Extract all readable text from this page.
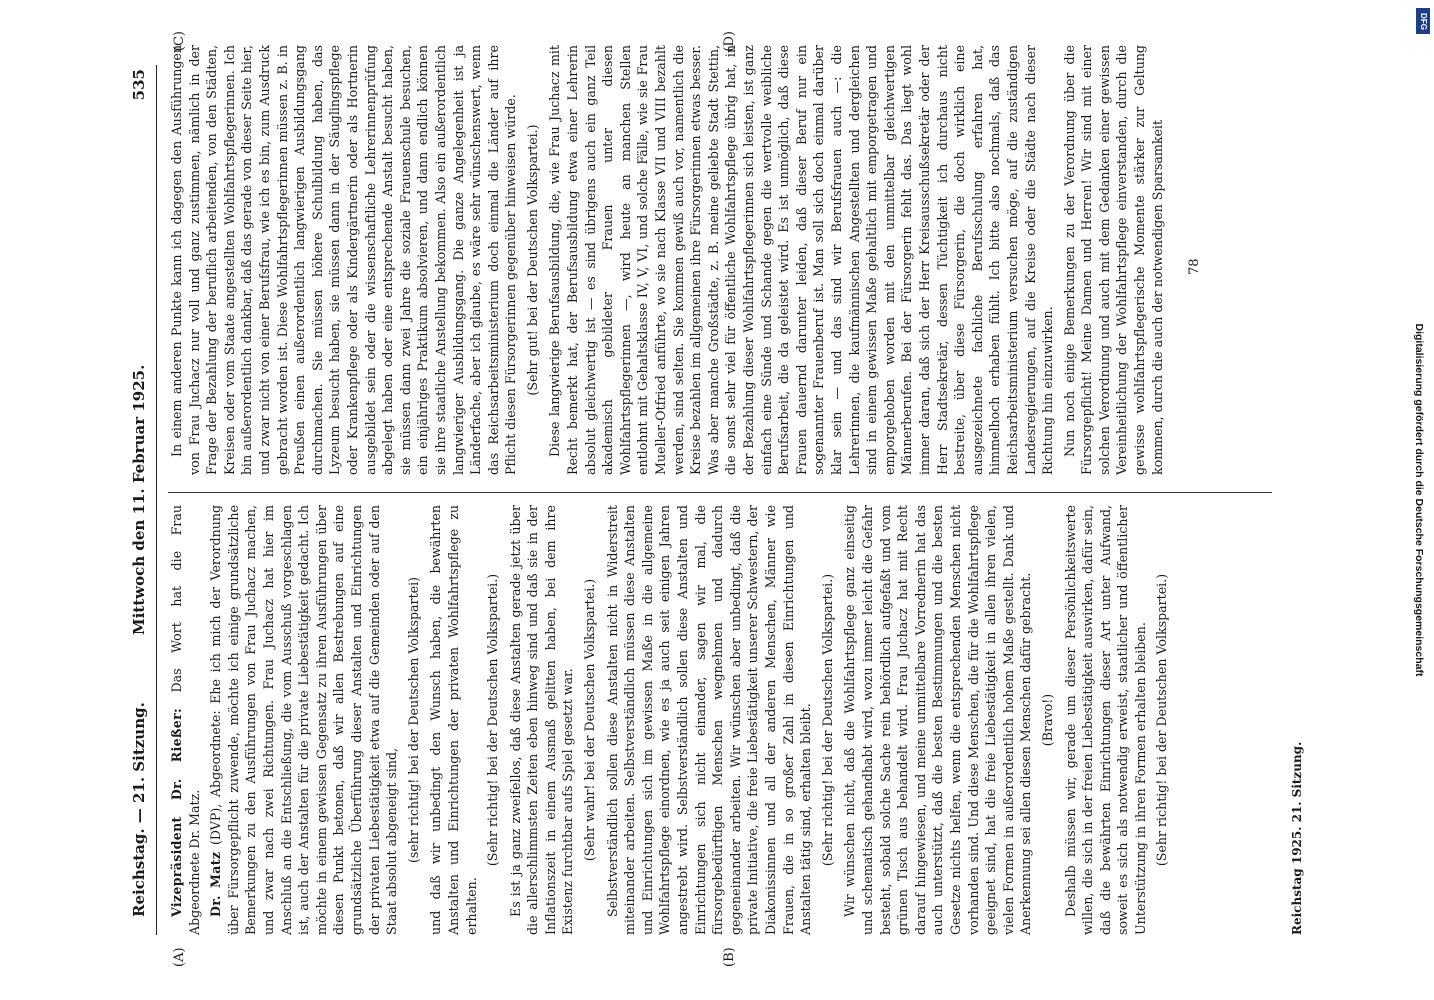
Reichstag. — 21. Sitzung.
Mittwoch den 11. Februar 1925.
535
(A)	(B)
(C)	(D)

Vizepräsident Dr. Rießer: Das Wort hat die Frau Abgeordnete Dr. Matz. Dr. Matz (DVP), Abgeordnete: Ehe ich mich der Verordnung über Fürsorgepflicht zuwende, möchte ich einige grundsätzliche Bemerkungen zu den Ausführungen von Frau Juchacz machen, und zwar nach zwei Richtungen. Frau Juchacz hat hier im Anschluß an die Entschließung, die vom Ausschuß vorgeschlagen ist, auch der Anstalten für die private Liebestätigkeit gedacht. Ich möchte in einem gewissen Gegensatz zu ihren Ausführungen über diesen Punkt betonen, daß wir allen Bestrebungen auf eine grundsätzliche Überführung dieser Anstalten und Einrichtungen der privaten Liebestätigkeit etwa auf die Gemeinden oder auf den Staat absolut abgeneigt sind, (sehr richtig! bei der Deutschen Volkspartei) und daß wir unbedingt den Wunsch haben, die bewährten Anstalten und Einrichtungen der privaten Wohlfahrtspflege zu erhalten.

(Sehr richtig! bei der Deutschen Volkspartei.) Es ist ja ganz zweifellos, daß diese Anstalten gerade jetzt über die allerschlimmsten Zeiten eben hinweg sind und daß sie in der Inflationszeit in einem Ausmaß gelitten haben, bei dem ihre Existenz furchtbar aufs Spiel gesetzt war. (Sehr wahr! bei der Deutschen Volkspartei.) Selbstverständlich sollen diese Anstalten nicht in Widerstreit miteinander arbeiten. Selbstverständlich müssen diese Anstalten und Einrichtungen sich im gewissen Maße in die allgemeine Wohlfahrtspflege einordnen, wie es ja auch seit einigen Jahren angestrebt wird. Selbstverständlich sollen diese Anstalten und Einrichtungen sich nicht einander, sagen wir mal, die fürsorgebedürftigen Menschen wegnehmen und dadurch gegeneinander arbeiten. Wir wünschen aber unbedingt, daß die private Initiative, die freie Liebestätigkeit unserer Schwestern, der Diakonissinnen und all der anderen Menschen, Männer wie Frauen, die in so großer Zahl in diesen Einrichtungen und Anstalten tätig sind, erhalten bleibt. (Sehr richtig! bei der Deutschen Volkspartei.) Wir wünschen nicht, daß die Wohlfahrtspflege ganz einseitig und schematisch gehandhabt wird, wozu immer leicht die Gefahr besteht, sobald solche Sache rein behördlich aufgefaßt und vom grünen Tisch aus behandelt wird. Frau Juchacz hat mit Recht darauf hingewiesen, und meine unmittelbare Vorrednerin hat das auch unterstützt, daß die besten Bestimmungen und die besten Gesetze nichts helfen, wenn die entsprechenden Menschen nicht vorhanden sind. Und diese Menschen, die für die Wohlfahrtspflege geeignet sind, hat die freie Liebestätigkeit in allen ihren vielen, vielen Formen in außerordentlich hohem Maße gestellt. Dank und Anerkennung sei allen diesen Menschen dafür gebracht. (Bravo!) Deshalb müssen wir, gerade um dieser Persönlichkeitswerte willen, die sich in der freien Liebestätigkeit auswirken, dafür sein, daß die bewährten Einrichtungen dieser Art unter Aufwand, soweit es sich als notwendig erweist, staatlicher und öffentlicher Unterstützung in ihren Formen erhalten bleiben. (Sehr richtig! bei der Deutschen Volkspartei.)

In einem anderen Punkte kann ich dagegen den Ausführungen von Frau Juchacz nur voll und ganz zustimmen, nämlich in der Frage der Bezahlung der beruflich arbeitenden, von den Städten, Kreisen oder vom Staate angestellten Wohlfahrtspflegerinnen. Ich bin außerordentlich dankbar, daß das gerade von dieser Seite hier, und zwar nicht von einer Berufsfrau, wie ich es bin, zum Ausdruck gebracht worden ist. Diese Wohlfahrtspflegerinnen müssen z. B. in Preußen einen außerordentlich langwierigen Ausbildungsgang durchmachen. Sie müssen höhere Schulbildung haben, das Lyzeum besucht haben, sie müssen dann in der Säuglingspflege oder Krankenpflege oder als Kindergärtnerin oder als Hortnerin ausgebildet sein oder die wissenschaftliche Lehrerinnenprüfung abgelegt haben oder eine entsprechende Anstalt besucht haben, sie müssen dann zwei Jahre die soziale Frauenschule besuchen, ein einjähriges Praktikum absolvieren, und dann endlich können sie ihre staatliche Anstellung bekommen. Also ein außerordentlich langwieriger Ausbildungsgang. Die ganze Angelegenheit ist ja Länderfache, aber ich glaube, es wäre sehr wünschenswert, wenn das Reichsarbeitsministerium doch einmal die Länder auf ihre Pflicht diesen Fürsorgerinnen gegenüber hinweisen würde. (Sehr gut! bei der Deutschen Volkspartei.) Diese langwierige Berufsausbildung, die, wie Frau Juchacz mit Recht bemerkt hat, der Berufsausbildung etwa einer Lehrerin absolut gleichwertig ist — es sind übrigens auch ein ganz Teil akademisch gebildeter Frauen unter diesen Wohlfahrtspflegerinnen —, wird heute an manchen Stellen entlohnt mit Gehaltsklasse IV, V, VI, und solche Fälle, wie sie Frau Mueller-Otfried anführte, wo sie nach Klasse VII und VIII bezahlt werden, sind selten. Sie kommen gewiß auch vor, namentlich die Kreise bezahlen im allgemeinen ihre Fürsorgerinnen etwas besser. Was aber manche Großstädte, z. B. meine geliebte Stadt Stettin, die sonst sehr viel für öffentliche Wohlfahrtspflege übrig hat, in der Bezahlung dieser Wohlfahrtspflegerinnen sich leisten, ist ganz einfach eine Sünde und Schande gegen die wertvolle weibliche Berufsarbeit, die da geleistet wird. Es ist unmöglich, daß diese Frauen dauernd darunter leiden, daß dieser Beruf nur ein sogenannter Frauenberuf ist. Man soll sich doch einmal darüber klar sein — und das sind wir Berufsfrauen auch —: die Lehrerinnen, die kaufmännischen Angestellten und dergleichen sind in einem gewissen Maße gehaltlich mit emporgetragen und emporgehoben worden mit den unmittelbar gleichwertigen Männerberufen. Bei der Fürsorgerin fehlt das. Das liegt wohl immer daran, daß sich der Herr Kreisausschußsekretär oder der Herr Stadtsekretär, dessen Tüchtigkeit ich durchaus nicht bestreite, über diese Fürsorgerin, die doch wirklich eine ausgezeichnete fachliche Berufsschulung erfahren hat, himmelhoch erhaben fühlt. Ich bitte also nochmals, daß das Reichsarbeitsministerium versuchen möge, auf die zuständigen Landesregierungen, auf die Kreise oder die Städte nach dieser Richtung hin einzuwirken. Nun noch einige Bemerkungen zu der Verordnung über die Fürsorgepflicht! Meine Damen und Herren! Wir sind mit einer solchen Verordnung und auch mit dem Gedanken einer gewissen Vereinheitlichung der Wohlfahrtspflege einverstanden, durch die gewisse wohlfahrtspflegerische Momente stärker zur Geltung kommen, durch die auch der notwendigen Sparsamkeit

Reichstag 1925. 21. Sitzung.
78
Digitalisierung gefördert durch die Deutsche Forschungsgemeinschaft
DFG
